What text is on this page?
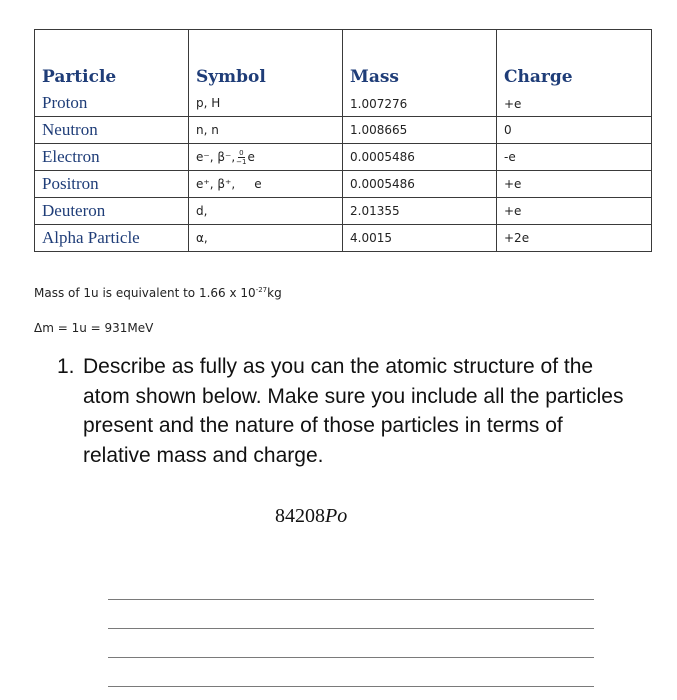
Particle	Symbol	Mass	Charge
Proton	p, H	1.007276	+e
Neutron	n, n	1.008665	0
Electron	e⁻, β⁻, $\frac{0}{-1}$ e	0.0005486	-e
Positron	e⁺, β⁺,     e	0.0005486	+e
Deuteron	d,	2.01355	+e
Alpha Particle	α,	4.0015	+2e
Mass of 1u is equivalent to 1.66 x $10^{-27}kg$
Δm = 1u = 931MeV
1. Describe as fully as you can the atomic structure of the atom shown below. Make sure you include all the particles present and the nature of those particles in terms of relative mass and charge.
84208Po
